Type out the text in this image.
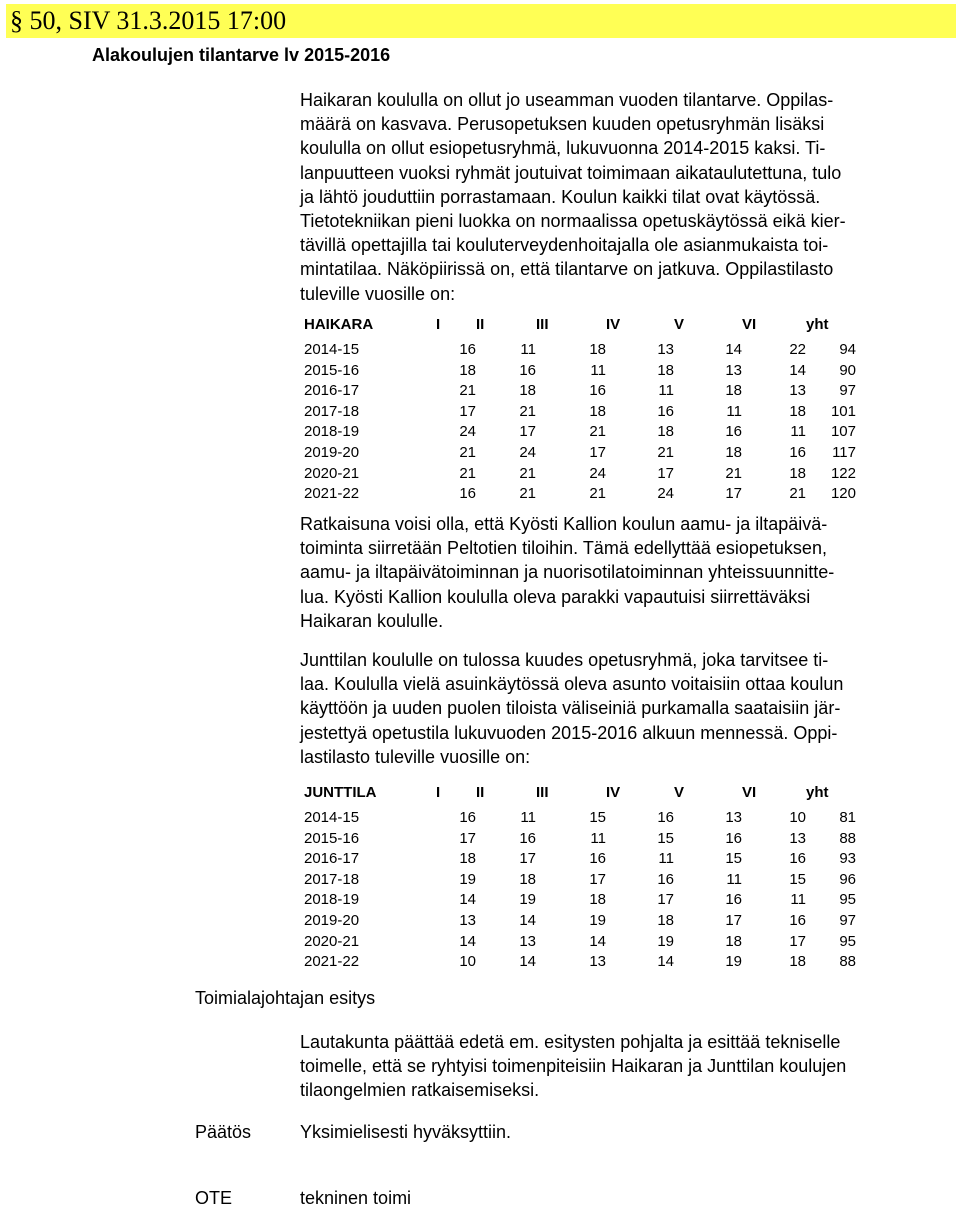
§ 50, SIV 31.3.2015 17:00
Alakoulujen tilantarve lv 2015-2016
Haikaran koululla on ollut jo useamman vuoden tilantarve. Oppilas-
määrä on kasvava. Perusopetuksen kuuden opetusryhmän lisäksi
koululla on ollut esiopetusryhmä, lukuvuonna 2014-2015 kaksi. Ti-
lanpuutteen vuoksi ryhmät joutuivat toimimaan aikataulutettuna, tulo
ja lähtö jouduttiin porrastamaan. Koulun kaikki tilat ovat käytössä.
Tietotekniikan pieni luokka on normaalissa opetuskäytössä eikä kier-
tävillä opettajilla tai kouluterveydenhoitajalla ole asianmukaista toi-
mintatilaa. Näköpiirissä on, että tilantarve on jatkuva. Oppilastilasto
tuleville vuosille on:
HAIKARA	I	II	III	IV	V	VI	yht
2014-15	16	11	18	13	14	22	94
2015-16	18	16	11	18	13	14	90
2016-17	21	18	16	11	18	13	97
2017-18	17	21	18	16	11	18	101
2018-19	24	17	21	18	16	11	107
2019-20	21	24	17	21	18	16	117
2020-21	21	21	24	17	21	18	122
2021-22	16	21	21	24	17	21	120
Ratkaisuna voisi olla, että Kyösti Kallion koulun aamu- ja iltapäivä-
toiminta siirretään Peltotien tiloihin. Tämä edellyttää esiopetuksen,
aamu- ja iltapäivätoiminnan ja nuorisotilatoiminnan yhteissuunnitte-
lua. Kyösti Kallion koululla oleva parakki vapautuisi siirrettäväksi
Haikaran koululle.
Junttilan koululle on tulossa kuudes opetusryhmä, joka tarvitsee ti-
laa. Koululla vielä asuinkäytössä oleva asunto voitaisiin ottaa koulun
käyttöön ja uuden puolen tiloista väliseiniä purkamalla saataisiin jär-
jestettyä opetustila lukuvuoden 2015-2016 alkuun mennessä. Oppi-
lastilasto tuleville vuosille on:
JUNTTILA	I	II	III	IV	V	VI	yht
2014-15	16	11	15	16	13	10	81
2015-16	17	16	11	15	16	13	88
2016-17	18	17	16	11	15	16	93
2017-18	19	18	17	16	11	15	96
2018-19	14	19	18	17	16	11	95
2019-20	13	14	19	18	17	16	97
2020-21	14	13	14	19	18	17	95
2021-22	10	14	13	14	19	18	88
Toimialajohtajan esitys
Lautakunta päättää edetä em. esitysten pohjalta ja esittää tekniselle
toimelle, että se ryhtyisi toimenpiteisiin Haikaran ja Junttilan koulujen
tilaongelmien ratkaisemiseksi.
Päätös	Yksimielisesti hyväksyttiin.
OTE	tekninen toimi
